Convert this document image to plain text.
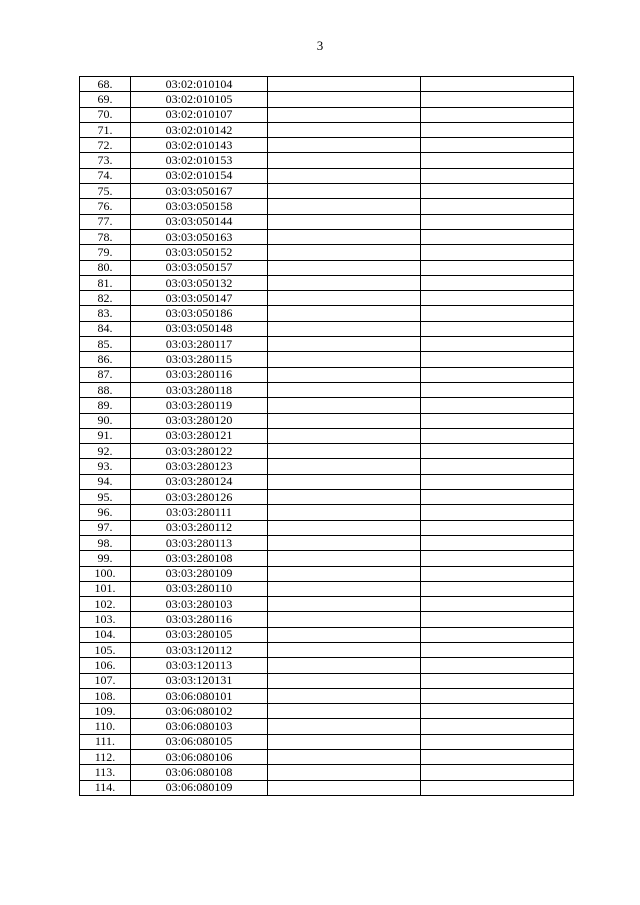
3
68.	03:02:010104		
69.	03:02:010105		
70.	03:02:010107		
71.	03:02:010142		
72.	03:02:010143		
73.	03:02:010153		
74.	03:02:010154		
75.	03:03:050167		
76.	03:03:050158		
77.	03:03:050144		
78.	03:03:050163		
79.	03:03:050152		
80.	03:03:050157		
81.	03:03:050132		
82.	03:03:050147		
83.	03:03:050186		
84.	03:03:050148		
85.	03:03:280117		
86.	03:03:280115		
87.	03:03:280116		
88.	03:03:280118		
89.	03:03:280119		
90.	03:03:280120		
91.	03:03:280121		
92.	03:03:280122		
93.	03:03:280123		
94.	03:03:280124		
95.	03:03:280126		
96.	03:03:280111		
97.	03:03:280112		
98.	03:03:280113		
99.	03:03:280108		
100.	03:03:280109		
101.	03:03:280110		
102.	03:03:280103		
103.	03:03:280116		
104.	03:03:280105		
105.	03:03:120112		
106.	03:03:120113		
107.	03:03:120131		
108.	03:06:080101		
109.	03:06:080102		
110.	03:06:080103		
111.	03:06:080105		
112.	03:06:080106		
113.	03:06:080108		
114.	03:06:080109		
